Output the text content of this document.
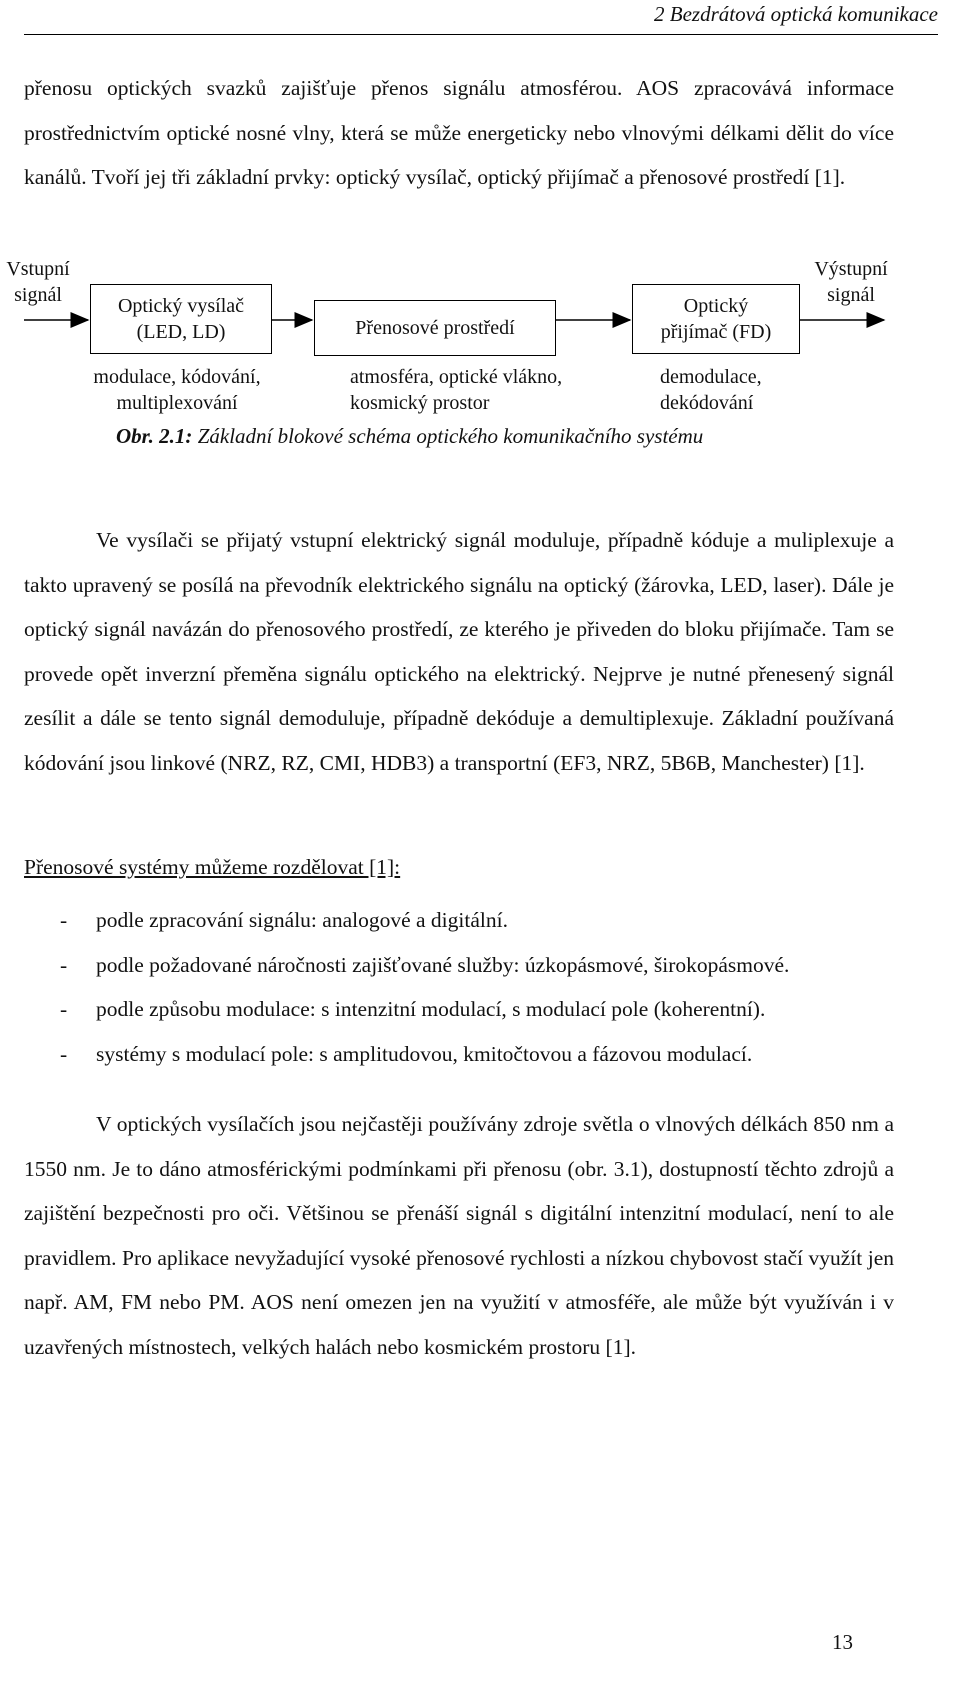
2 Bezdrátová optická komunikace

přenosu optických svazků zajišťuje přenos signálu atmosférou. AOS zpracovává informace prostřednictvím optické nosné vlny, která se může energeticky nebo vlnovými délkami dělit do více kanálů. Tvoří jej tři základní prvky: optický vysílač, optický přijímač a přenosové prostředí [1].

Vstupní
signál
Výstupní
signál
Optický vysílač
(LED, LD)	Přenosové prostředí
Optický
přijímač (FD)
modulace, kódování,
multiplexování
atmosféra, optické vlákno,
kosmický prostor
demodulace,
dekódování
Obr. 2.1: Základní blokové schéma optického komunikačního systému

Ve vysílači se přijatý vstupní elektrický signál moduluje, případně kóduje a muliplexuje a takto upravený se posílá na převodník elektrického signálu na optický (žárovka, LED, laser). Dále je optický signál navázán do přenosového prostředí, ze kterého je přiveden do bloku přijímače. Tam se provede opět inverzní přeměna signálu optického na elektrický. Nejprve je nutné přenesený signál zesílit a dále se tento signál demoduluje, případně dekóduje a demultiplexuje. Základní používaná kódování jsou linkové (NRZ, RZ, CMI, HDB3) a transportní (EF3, NRZ, 5B6B, Manchester) [1].

Přenosové systémy můžeme rozdělovat [1]:
-	podle zpracování signálu: analogové a digitální.
-	podle požadované náročnosti zajišťované služby: úzkopásmové, širokopásmové.
-	podle způsobu modulace: s intenzitní modulací, s modulací pole (koherentní).
-	systémy s modulací pole: s amplitudovou, kmitočtovou a fázovou modulací.

V optických vysílačích jsou nejčastěji používány zdroje světla o vlnových délkách 850 nm a 1550 nm. Je to dáno atmosférickými podmínkami při přenosu (obr. 3.1), dostupností těchto zdrojů a zajištění bezpečnosti pro oči. Většinou se přenáší signál s digitální intenzitní modulací, není to ale pravidlem. Pro aplikace nevyžadující vysoké přenosové rychlosti a nízkou chybovost stačí využít jen např. AM, FM nebo PM. AOS není omezen jen na využití v atmosféře, ale může být využíván i v uzavřených místnostech, velkých halách nebo kosmickém prostoru [1].

13
